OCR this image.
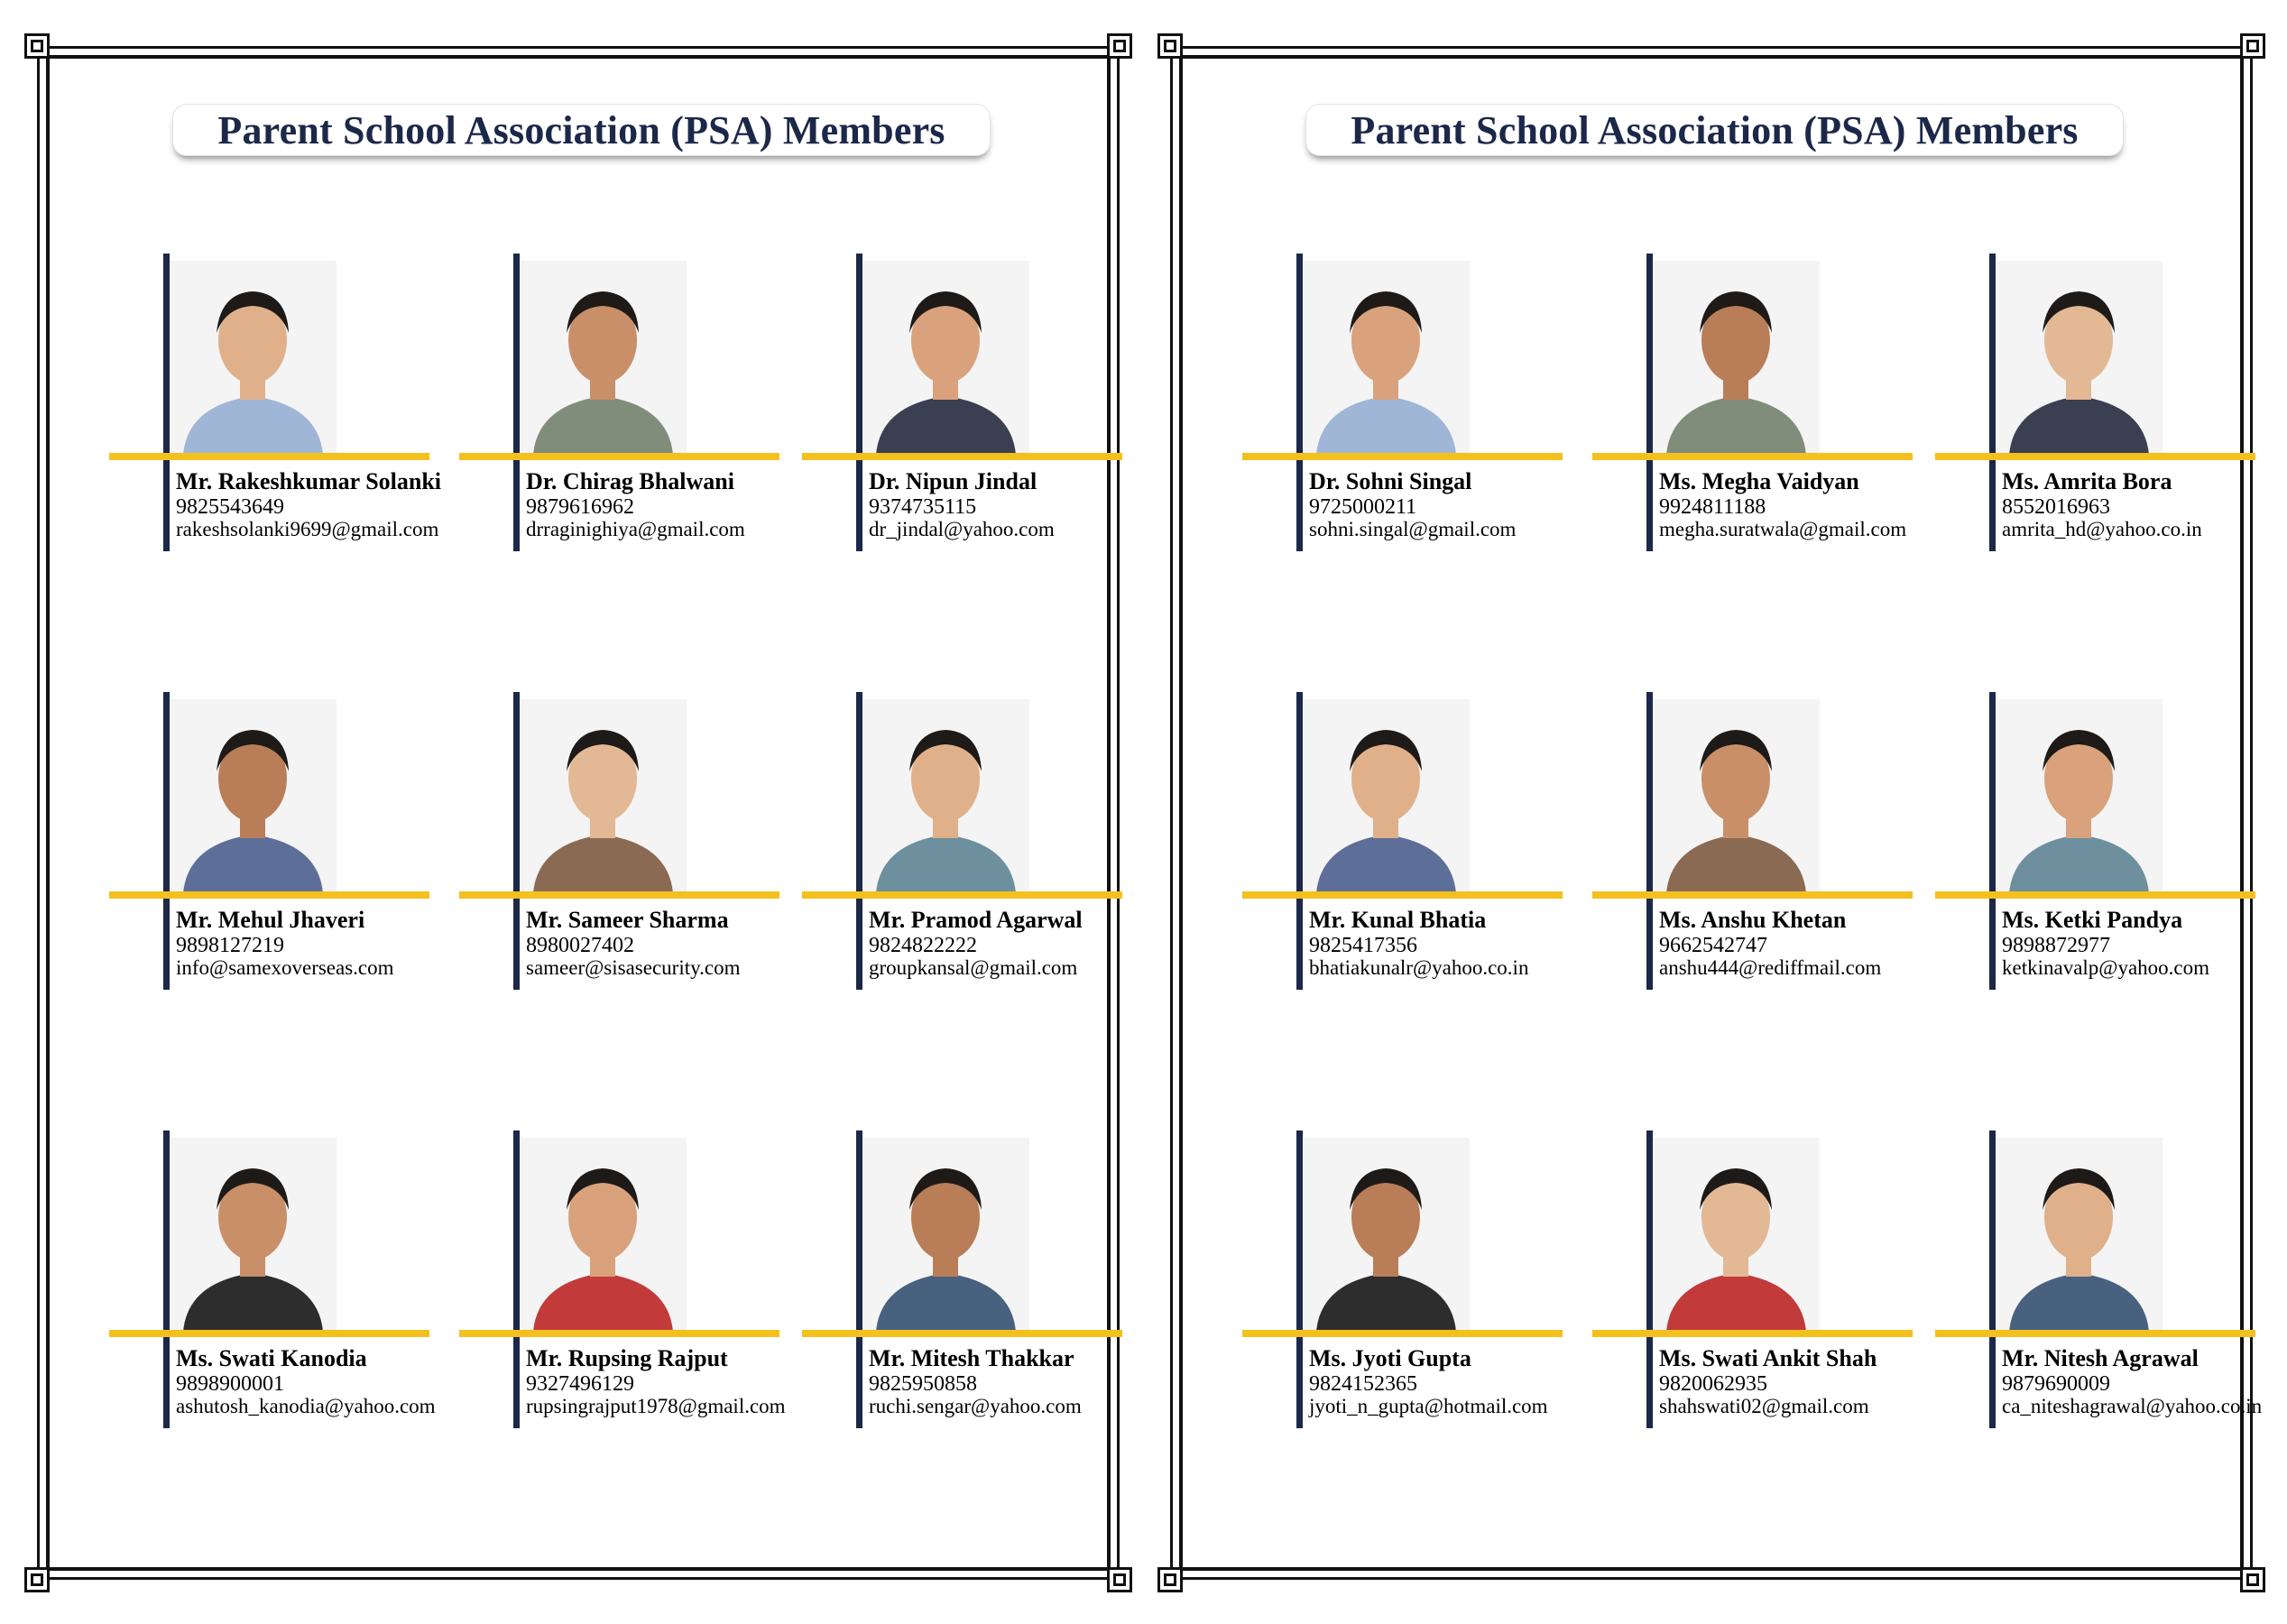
Parent School Association (PSA) Members
Mr. Rakeshkumar Solanki
9825543649
rakeshsolanki9699@gmail.com
Dr. Chirag Bhalwani
9879616962
drraginighiya@gmail.com
Dr. Nipun Jindal
9374735115
dr_jindal@yahoo.com
Mr. Mehul Jhaveri
9898127219
info@samexoverseas.com
Mr. Sameer Sharma
8980027402
sameer@sisasecurity.com
Mr. Pramod Agarwal
9824822222
groupkansal@gmail.com
Ms. Swati Kanodia
9898900001
ashutosh_kanodia@yahoo.com
Mr. Rupsing Rajput
9327496129
rupsingrajput1978@gmail.com
Mr. Mitesh Thakkar
9825950858
ruchi.sengar@yahoo.com
Parent School Association (PSA) Members
Dr. Sohni Singal
9725000211
sohni.singal@gmail.com
Ms. Megha Vaidyan
9924811188
megha.suratwala@gmail.com
Ms. Amrita Bora
8552016963
amrita_hd@yahoo.co.in
Mr. Kunal Bhatia
9825417356
bhatiakunalr@yahoo.co.in
Ms. Anshu Khetan
9662542747
anshu444@rediffmail.com
Ms. Ketki Pandya
9898872977
ketkinavalp@yahoo.com
Ms. Jyoti Gupta
9824152365
jyoti_n_gupta@hotmail.com
Ms. Swati Ankit Shah
9820062935
shahswati02@gmail.com
Mr. Nitesh Agrawal
9879690009
ca_niteshagrawal@yahoo.co.in
